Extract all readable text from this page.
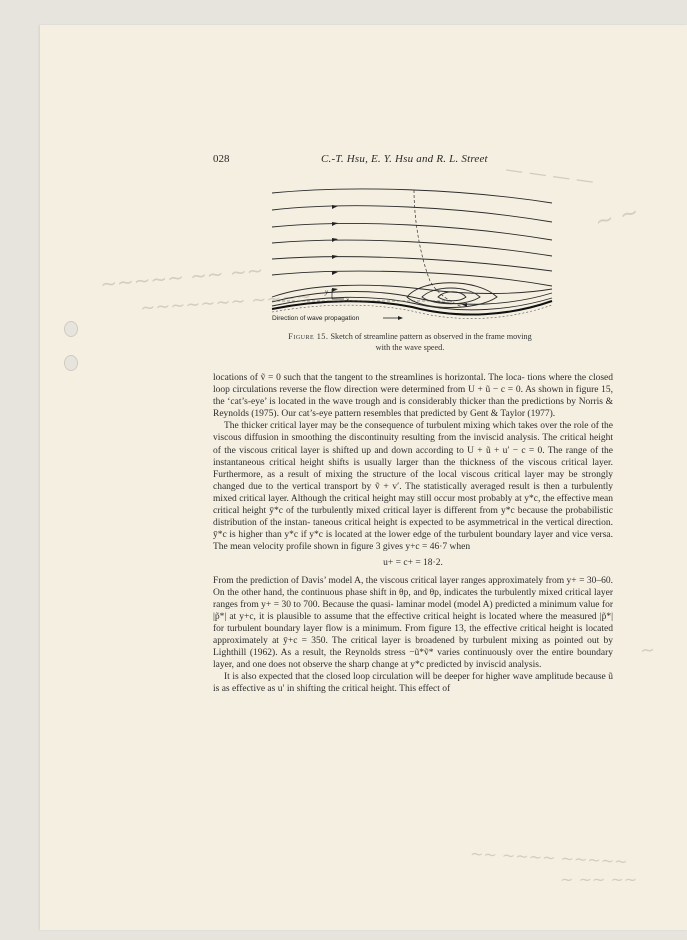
— — — —
~ ~
~~~~~ ~~ ~~
~~~~~~~ ~~~~
~
~~ ~~~~ ~~~~~
~ ~~ ~~
028	C.-T. Hsu, E. Y. Hsu and R. L. Street
y
x
Direction of wave propagation
Figure 15. Sketch of streamline pattern as observed in the frame moving
with the wave speed.

locations of ṽ = 0 such that the tangent to the streamlines is horizontal. The loca- tions where the closed loop circulations reverse the flow direction were determined from U + ũ − c = 0. As shown in figure 15, the ‘cat’s-eye’ is located in the wave trough and is considerably thicker than the predictions by Norris & Reynolds (1975). Our cat’s-eye pattern resembles that predicted by Gent & Taylor (1977).

The thicker critical layer may be the consequence of turbulent mixing which takes over the role of the viscous diffusion in smoothing the discontinuity resulting from the inviscid analysis. The critical height of the viscous critical layer is shifted up and down according to U + ũ + u′ − c = 0. The range of the instantaneous critical height shifts is usually larger than the thickness of the viscous critical layer. Furthermore, as a result of mixing the structure of the local viscous critical layer may be strongly changed due to the vertical transport by ṽ + v′. The statistically averaged result is then a turbulently mixed critical layer. Although the critical height may still occur most probably at y*c, the effective mean critical height ȳ*c of the turbulently mixed critical layer is different from y*c because the probabilistic distribution of the instan- taneous critical height is expected to be asymmetrical in the vertical direction. ȳ*c is higher than y*c if y*c is located at the lower edge of the turbulent boundary layer and vice versa. The mean velocity profile shown in figure 3 gives y+c = 46·7 when

u+ = c+ = 18·2.

From the prediction of Davis’ model A, the viscous critical layer ranges approximately from y+ = 30–60. On the other hand, the continuous phase shift in θp, and θp, indicates the turbulently mixed critical layer ranges from y+ = 30 to 700. Because the quasi- laminar model (model A) predicted a minimum value for |p̃*| at y+c, it is plausible to assume that the effective critical height is located where the measured |p̃*| for turbulent boundary layer flow is a minimum. From figure 13, the effective critical height is located approximately at ȳ+c = 350. The critical layer is broadened by turbulent mixing as pointed out by Lighthill (1962). As a result, the Reynolds stress −ũ*ṽ* varies continuously over the entire boundary layer, and one does not observe the sharp change at y*c predicted by inviscid analysis.

It is also expected that the closed loop circulation will be deeper for higher wave amplitude because ũ is as effective as u′ in shifting the critical height. This effect of
